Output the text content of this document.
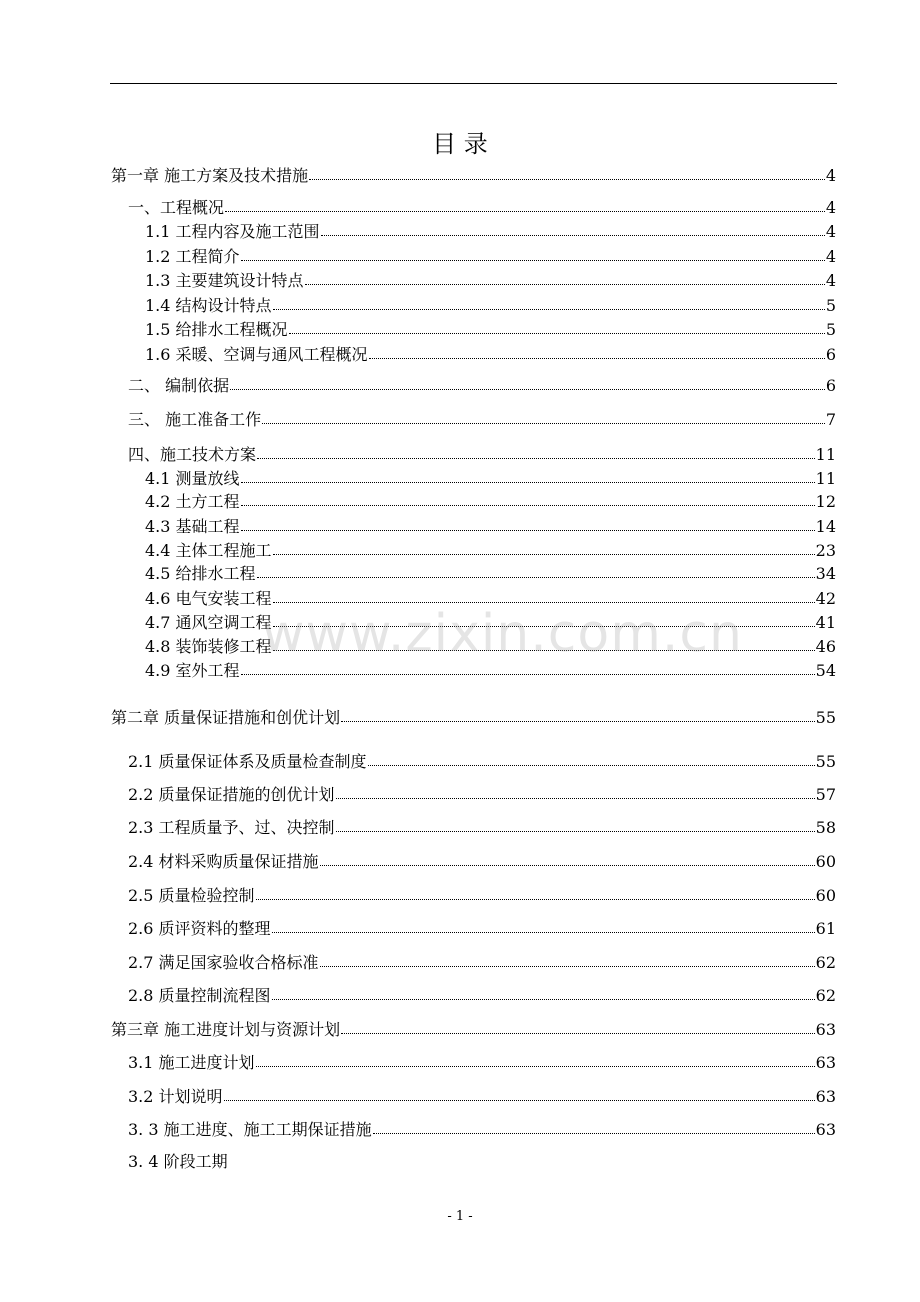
目 录
第一章 施工方案及技术措施	4
一、工程概况	4
1.1 工程内容及施工范围	4
1.2 工程简介	4
1.3 主要建筑设计特点	4
1.4 结构设计特点	5
1.5 给排水工程概况	5
1.6 采暖、空调与通风工程概况	6
二、 编制依据	6
三、 施工准备工作	7
四、施工技术方案	11
4.1 测量放线	11
4.2 土方工程	12
4.3 基础工程	14
4.4 主体工程施工	23
4.5 给排水工程	34
4.6 电气安装工程	42
4.7 通风空调工程	41
4.8 装饰装修工程	46
4.9 室外工程	54
第二章 质量保证措施和创优计划	55
2.1 质量保证体系及质量检查制度	55
2.2 质量保证措施的创优计划	57
2.3 工程质量予、过、决控制	58
2.4 材料采购质量保证措施	60
2.5 质量检验控制	60
2.6 质评资料的整理	61
2.7 满足国家验收合格标准	62
2.8 质量控制流程图	62
第三章 施工进度计划与资源计划	63
3.1 施工进度计划	63
3.2 计划说明	63
3. 3 施工进度、施工工期保证措施	63
3. 4 阶段工期
www.zixin.com.cn
- 1 -
